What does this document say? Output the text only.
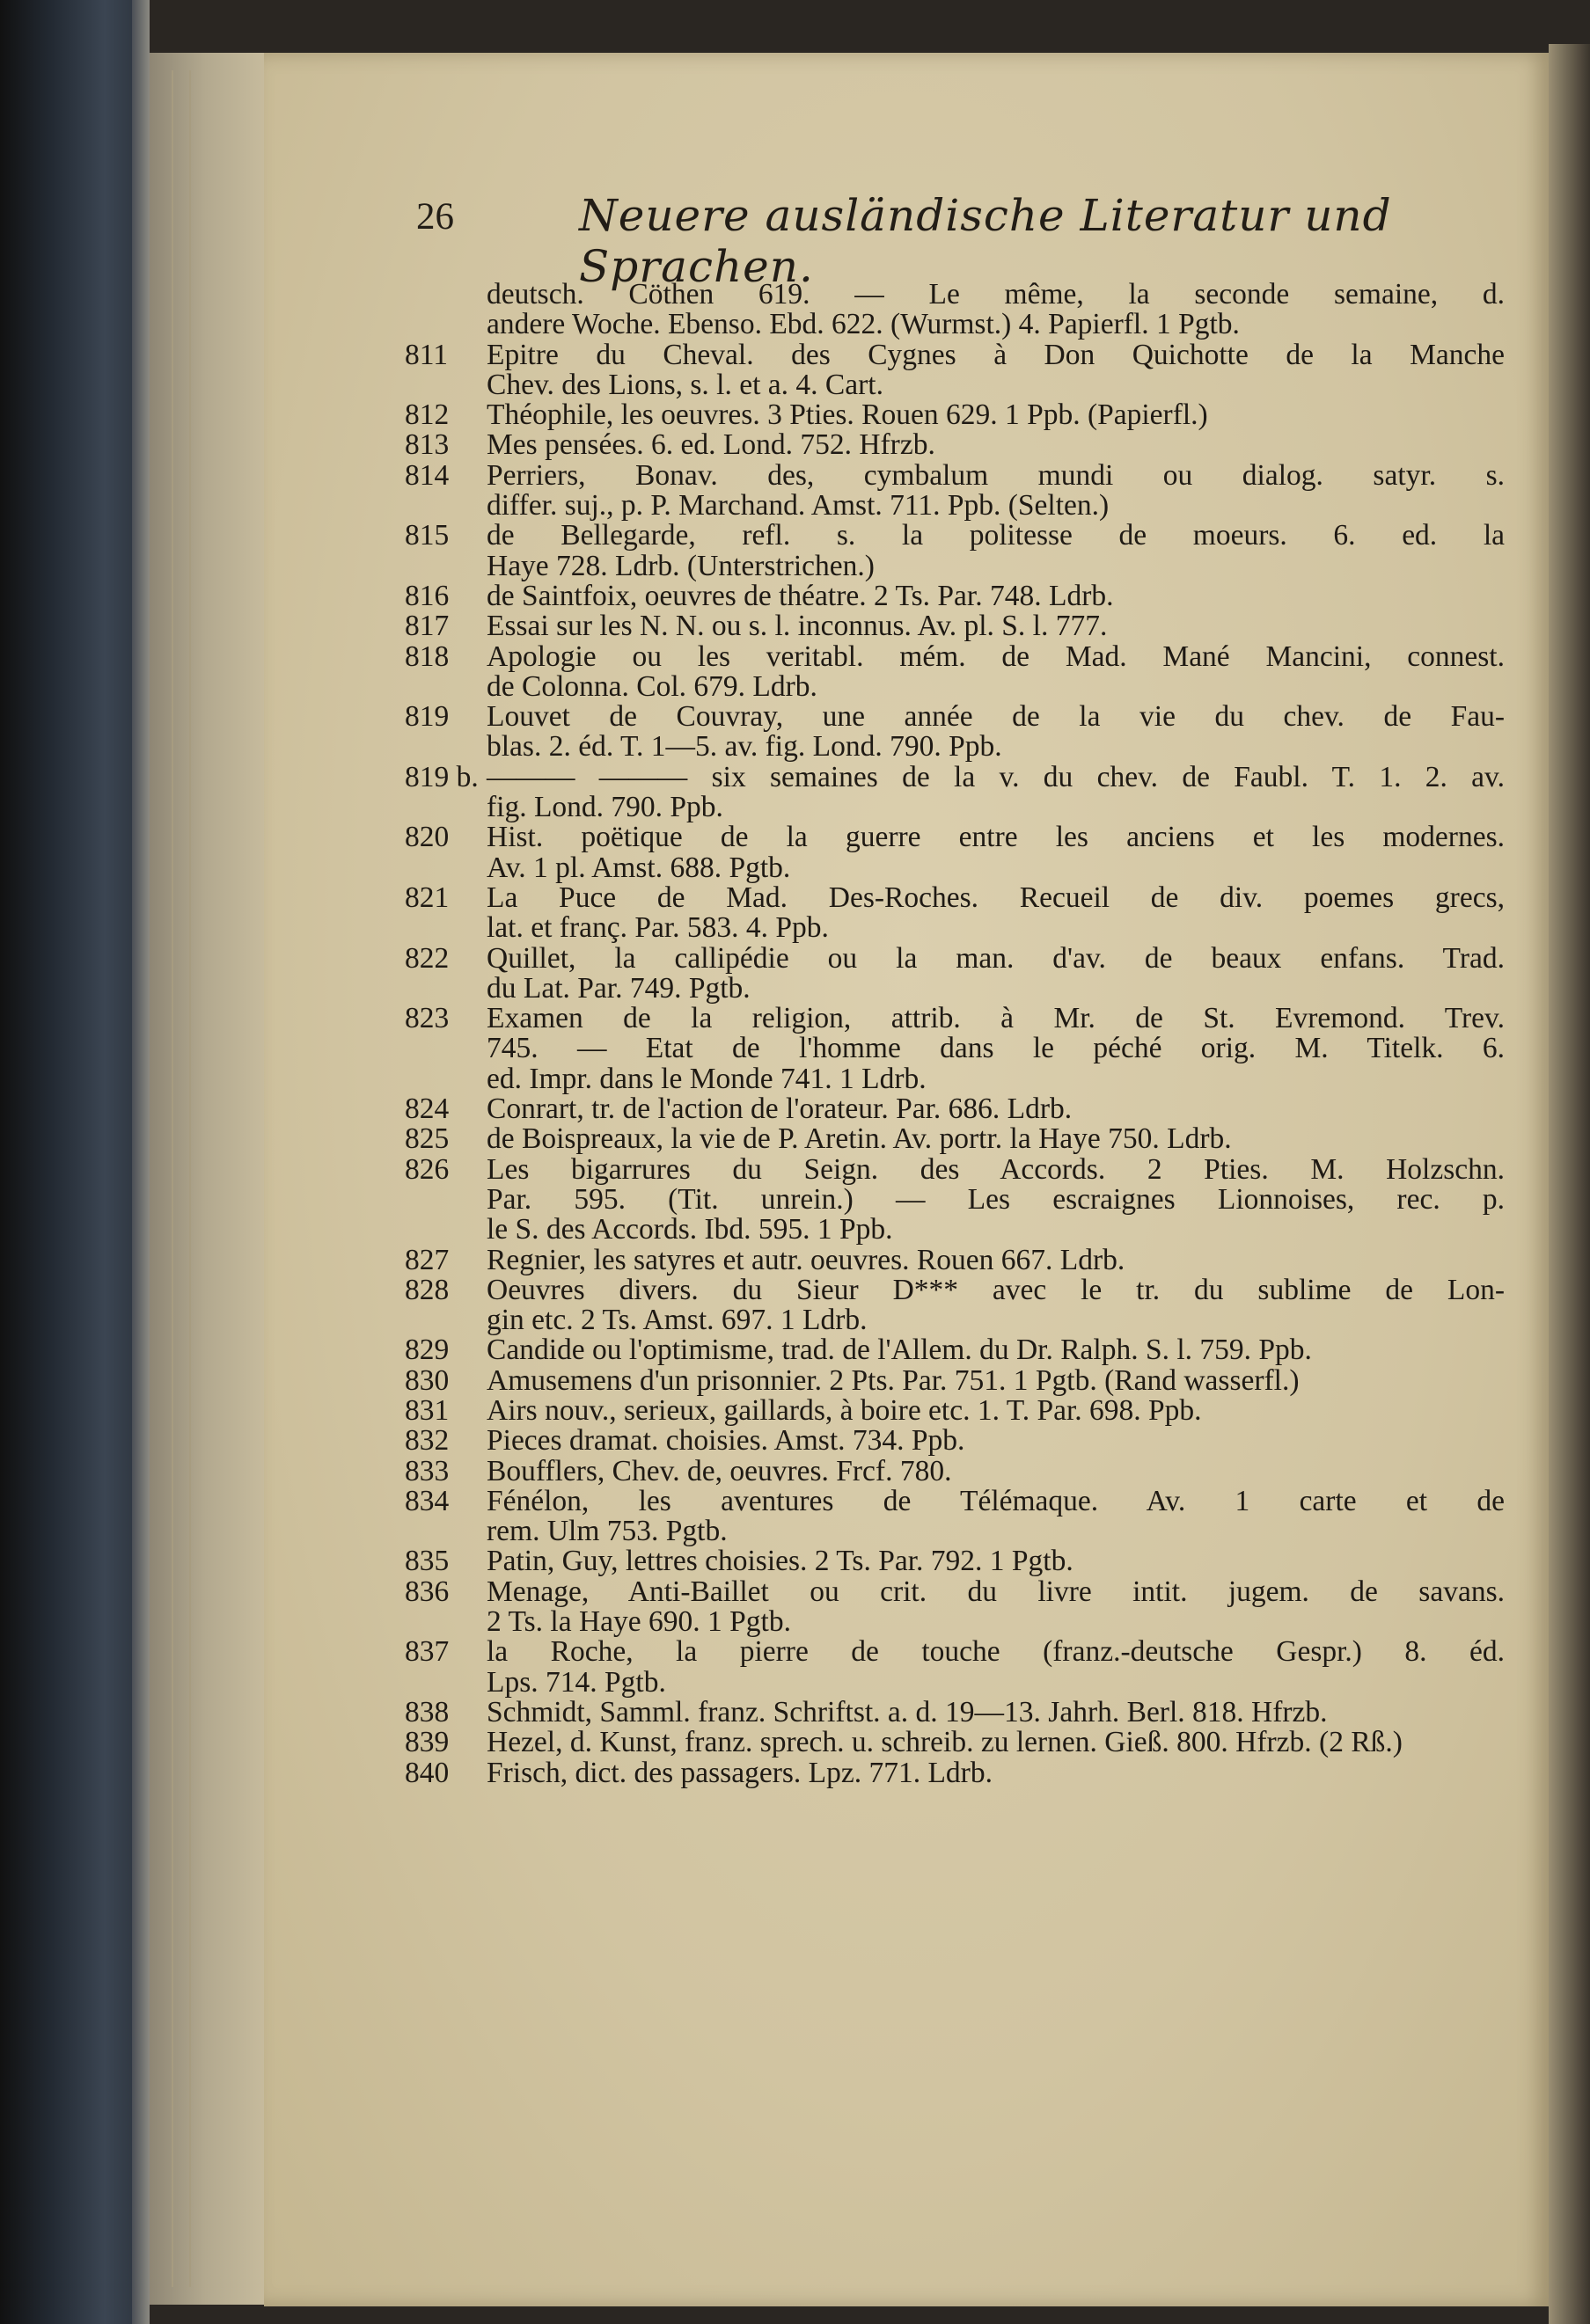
26	Neuere ausländische Literatur und Sprachen.
deutsch. Cöthen 619. — Le même, la seconde semaine, d.
andere Woche. Ebenso. Ebd. 622. (Wurmst.) 4. Papierfl. 1 Pgtb.
811	Epitre du Cheval. des Cygnes à Don Quichotte de la Manche
Chev. des Lions, s. l. et a. 4. Cart.
812	Théophile, les oeuvres. 3 Pties. Rouen 629. 1 Ppb. (Papierfl.)
813	Mes pensées. 6. ed. Lond. 752. Hfrzb.
814	Perriers, Bonav. des, cymbalum mundi ou dialog. satyr. s.
differ. suj., p. P. Marchand. Amst. 711. Ppb. (Selten.)
815	de Bellegarde, refl. s. la politesse de moeurs. 6. ed. la
Haye 728. Ldrb. (Unterstrichen.)
816	de Saintfoix, oeuvres de théatre. 2 Ts. Par. 748. Ldrb.
817	Essai sur les N. N. ou s. l. inconnus. Av. pl. S. l. 777.
818	Apologie ou les veritabl. mém. de Mad. Mané Mancini, connest.
de Colonna. Col. 679. Ldrb.
819	Louvet de Couvray, une année de la vie du chev. de Fau-
blas. 2. éd. T. 1—5. av. fig. Lond. 790. Ppb.
819 b. ——— ——— six semaines de la v. du chev. de Faubl. T. 1. 2. av.
fig. Lond. 790. Ppb.
820	Hist. poëtique de la guerre entre les anciens et les modernes.
Av. 1 pl. Amst. 688. Pgtb.
821	La Puce de Mad. Des-Roches. Recueil de div. poemes grecs,
lat. et franç. Par. 583. 4. Ppb.
822	Quillet, la callipédie ou la man. d'av. de beaux enfans. Trad.
du Lat. Par. 749. Pgtb.
823	Examen de la religion, attrib. à Mr. de St. Evremond. Trev.
745. — Etat de l'homme dans le péché orig. M. Titelk. 6.
ed. Impr. dans le Monde 741. 1 Ldrb.
824	Conrart, tr. de l'action de l'orateur. Par. 686. Ldrb.
825	de Boispreaux, la vie de P. Aretin. Av. portr. la Haye 750. Ldrb.
826	Les bigarrures du Seign. des Accords. 2 Pties. M. Holzschn.
Par. 595. (Tit. unrein.) — Les escraignes Lionnoises, rec. p.
le S. des Accords. Ibd. 595. 1 Ppb.
827	Regnier, les satyres et autr. oeuvres. Rouen 667. Ldrb.
828	Oeuvres divers. du Sieur D*** avec le tr. du sublime de Lon-
gin etc. 2 Ts. Amst. 697. 1 Ldrb.
829	Candide ou l'optimisme, trad. de l'Allem. du Dr. Ralph. S. l. 759. Ppb.
830	Amusemens d'un prisonnier. 2 Pts. Par. 751. 1 Pgtb. (Rand wasserfl.)
831	Airs nouv., serieux, gaillards, à boire etc. 1. T. Par. 698. Ppb.
832	Pieces dramat. choisies. Amst. 734. Ppb.
833	Boufflers, Chev. de, oeuvres. Frcf. 780.
834	Fénélon, les aventures de Télémaque. Av. 1 carte et de
rem. Ulm 753. Pgtb.
835	Patin, Guy, lettres choisies. 2 Ts. Par. 792. 1 Pgtb.
836	Menage, Anti-Baillet ou crit. du livre intit. jugem. de savans.
2 Ts. la Haye 690. 1 Pgtb.
837	la Roche, la pierre de touche (franz.-deutsche Gespr.) 8. éd.
Lps. 714. Pgtb.
838	Schmidt, Samml. franz. Schriftst. a. d. 19—13. Jahrh. Berl. 818. Hfrzb.
839	Hezel, d. Kunst, franz. sprech. u. schreib. zu lernen. Gieß. 800. Hfrzb. (2 Rß.)
840	Frisch, dict. des passagers. Lpz. 771. Ldrb.
